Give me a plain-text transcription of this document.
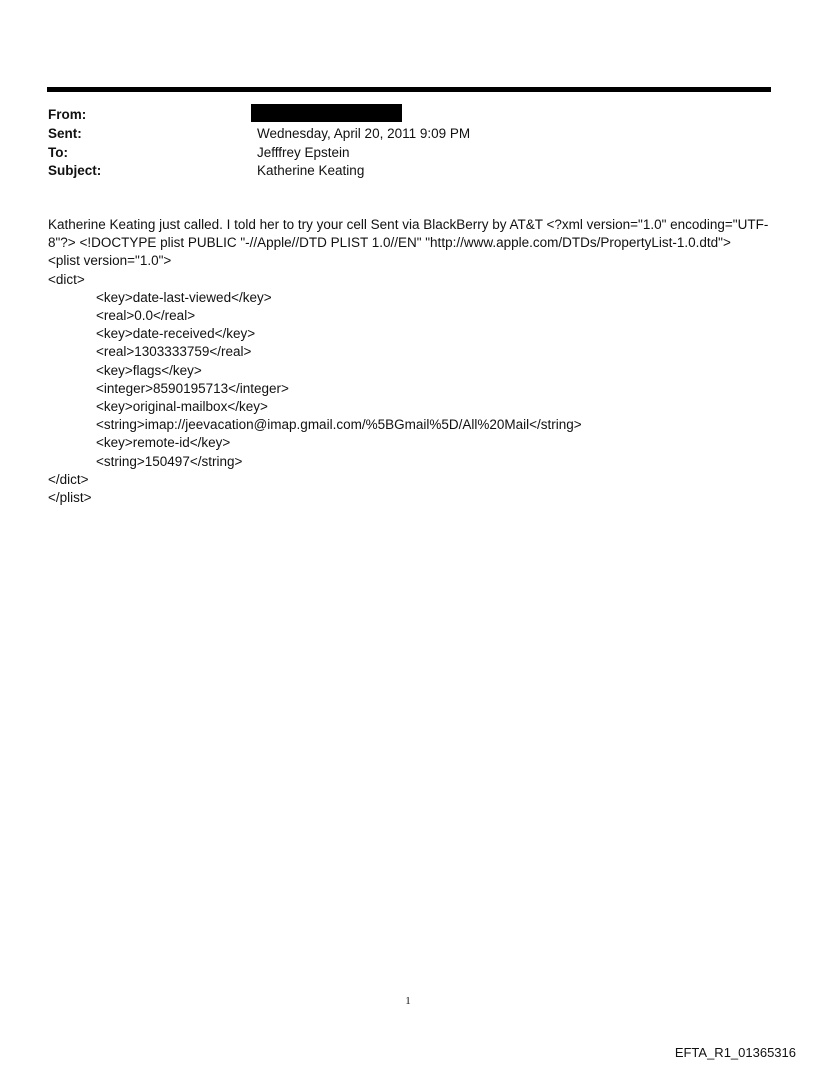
From:
Sent:	Wednesday, April 20, 2011 9:09 PM
To:	Jefffrey Epstein
Subject:	Katherine Keating
Katherine Keating just called. I told her to try your cell Sent via BlackBerry by AT&T <?xml version="1.0" encoding="UTF-
8"?> <!DOCTYPE plist PUBLIC "-//Apple//DTD PLIST 1.0//EN" "http://www.apple.com/DTDs/PropertyList-1.0.dtd">
<plist version="1.0">
<dict>
<key>date-last-viewed</key>
<real>0.0</real>
<key>date-received</key>
<real>1303333759</real>
<key>flags</key>
<integer>8590195713</integer>
<key>original-mailbox</key>
<string>imap://jeevacation@imap.gmail.com/%5BGmail%5D/All%20Mail</string>
<key>remote-id</key>
<string>150497</string>
</dict>
</plist>
1
EFTA_R1_01365316
